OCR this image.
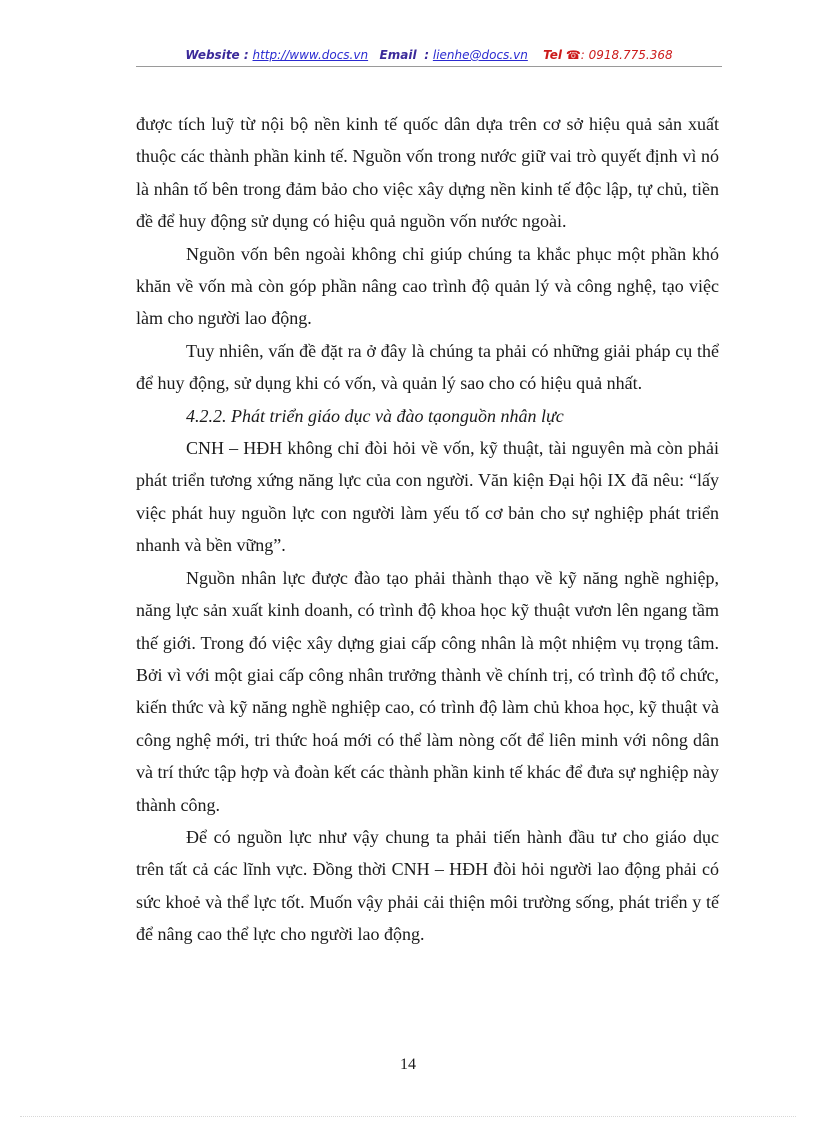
Website : http://www.docs.vn Email : lienhe@docs.vn Tel ☎: 0918.775.368

được tích luỹ từ nội bộ nền kinh tế quốc dân dựa trên cơ sở hiệu quả sản xuất thuộc các thành phần kinh tế. Nguồn vốn trong nước giữ vai trò quyết định vì nó là nhân tố bên trong đảm bảo cho việc xây dựng nền kinh tế độc lập, tự chủ, tiền đề để huy động sử dụng có hiệu quả nguồn vốn nước ngoài.

Nguồn vốn bên ngoài không chỉ giúp chúng ta khắc phục một phần khó khăn về vốn mà còn góp phần nâng cao trình độ quản lý và công nghệ, tạo việc làm cho người lao động.

Tuy nhiên, vấn đề đặt ra ở đây là chúng ta phải có những giải pháp cụ thể để huy động, sử dụng khi có vốn, và quản lý sao cho có hiệu quả nhất.

4.2.2. Phát triển giáo dục và đào tạonguồn nhân lực

CNH – HĐH không chỉ đòi hỏi về vốn, kỹ thuật, tài nguyên mà còn phải phát triển tương xứng năng lực của con người. Văn kiện Đại hội IX đã nêu: “lấy việc phát huy nguồn lực con người làm yếu tố cơ bản cho sự nghiệp phát triển nhanh và bền vững”.

Nguồn nhân lực được đào tạo phải thành thạo về kỹ năng nghề nghiệp, năng lực sản xuất kinh doanh, có trình độ khoa học kỹ thuật vươn lên ngang tầm thế giới. Trong đó việc xây dựng giai cấp công nhân là một nhiệm vụ trọng tâm. Bởi vì với một giai cấp công nhân trưởng thành về chính trị, có trình độ tổ chức, kiến thức và kỹ năng nghề nghiệp cao, có trình độ làm chủ khoa học, kỹ thuật và công nghệ mới, tri thức hoá mới có thể làm nòng cốt để liên minh với nông dân và trí thức tập hợp và đoàn kết các thành phần kinh tế khác để đưa sự nghiệp này thành công.

Để có nguồn lực như vậy chung ta phải tiến hành đầu tư cho giáo dục trên tất cả các lĩnh vực. Đồng thời CNH – HĐH đòi hỏi người lao động phải có sức khoẻ và thể lực tốt. Muốn vậy phải cải thiện môi trường sống, phát triển y tế để nâng cao thể lực cho người lao động.

14
